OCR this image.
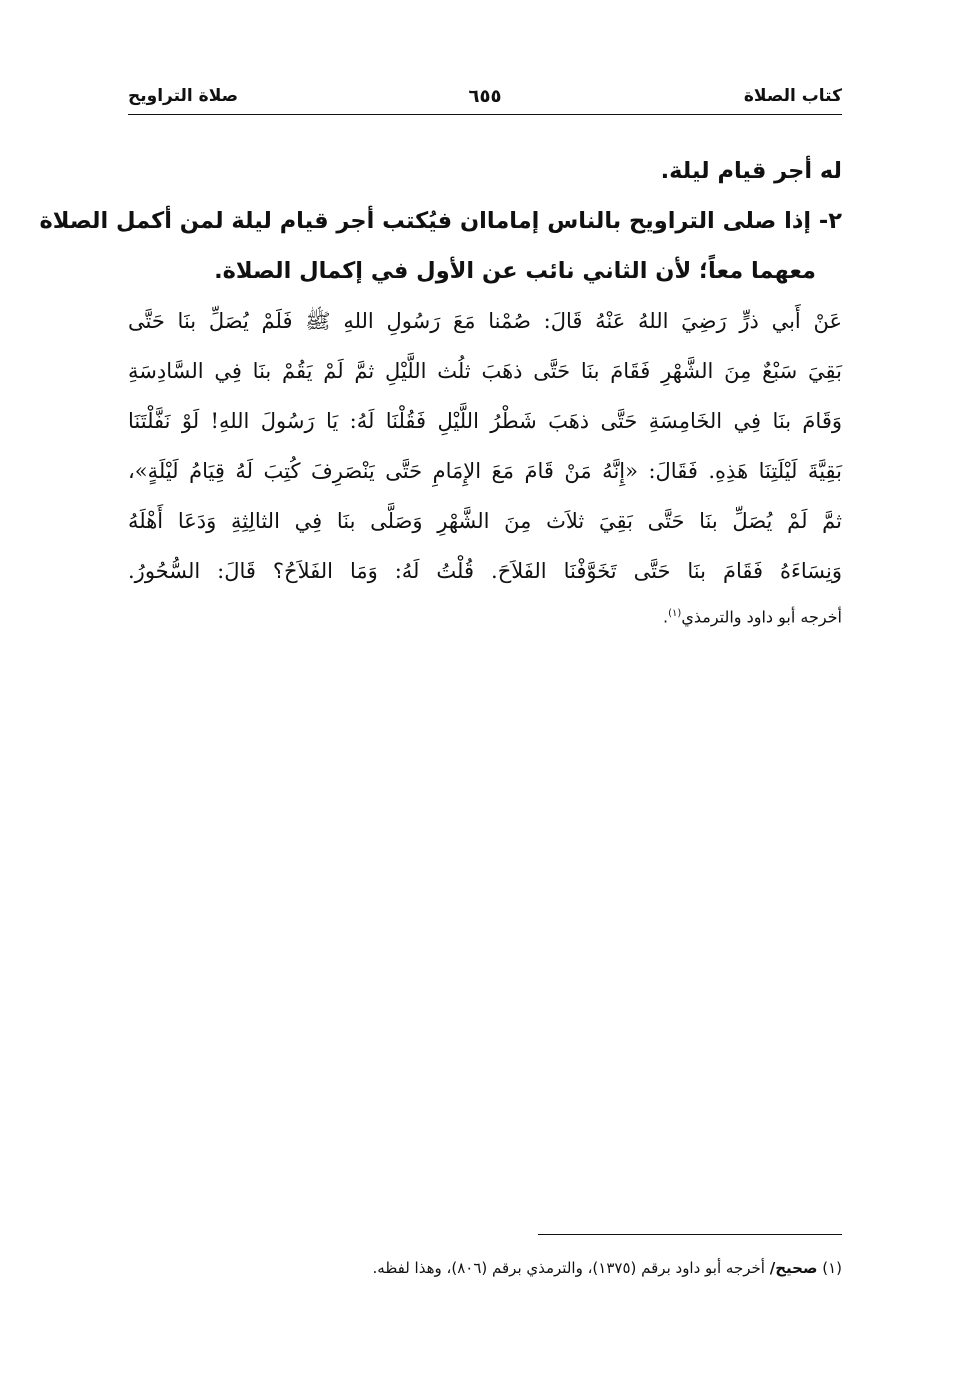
كتاب الصلاة
٦٥٥
صلاة التراويح
له أجر قيام ليلة.
٢- إذا صلى التراويح بالناس إماماان فيُكتب أجر قيام ليلة لمن أكمل الصلاة
معهما معاً؛ لأن الثاني نائب عن الأول في إكمال الصلاة.
عَنْ أَبي ذرٍّ رَضِيَ اللهُ عَنْهُ قَالَ: صُمْنا مَعَ رَسُولِ اللهِ ﷺ فَلَمْ يُصَلِّ بنَا حَتَّى
بَقِيَ سَبْعٌ مِنَ الشَّهْرِ فَقَامَ بنَا حَتَّى ذهَبَ ثلُث اللَّيْلِ ثمَّ لَمْ يَقُمْ بنَا فِي السَّادِسَةِ
وَقَامَ بنَا فِي الخَامِسَةِ حَتَّى ذهَبَ شَطْرُ اللَّيْلِ فَقُلْنَا لَهُ: يَا رَسُولَ اللهِ! لَوْ نَفَّلْتَنَا
بَقِيَّةَ لَيْلَتِنَا هَذِهِ. فَقَالَ: «إِنَّهُ مَنْ قَامَ مَعَ الإِمَامِ حَتَّى يَنْصَرِفَ كُتِبَ لَهُ قِيَامُ لَيْلَةٍ»،
ثمَّ لَمْ يُصَلِّ بنَا حَتَّى بَقِيَ ثلاَث مِنَ الشَّهْرِ وَصَلَّى بنَا فِي الثالِثِةِ وَدَعَا أَهْلَهُ
وَنِسَاءَهُ فَقَامَ بنَا حَتَّى تَخَوَّفْنَا الفَلاَحَ. قُلْتُ لَهُ: وَمَا الفَلاَحُ؟ قَالَ: السُّحُورُ.
أخرجه أبو داود والترمذي$^{(١)}$.
(١) صحيح/ أخرجه أبو داود برقم (١٣٧٥)، والترمذي برقم (٨٠٦)، وهذا لفظه.
